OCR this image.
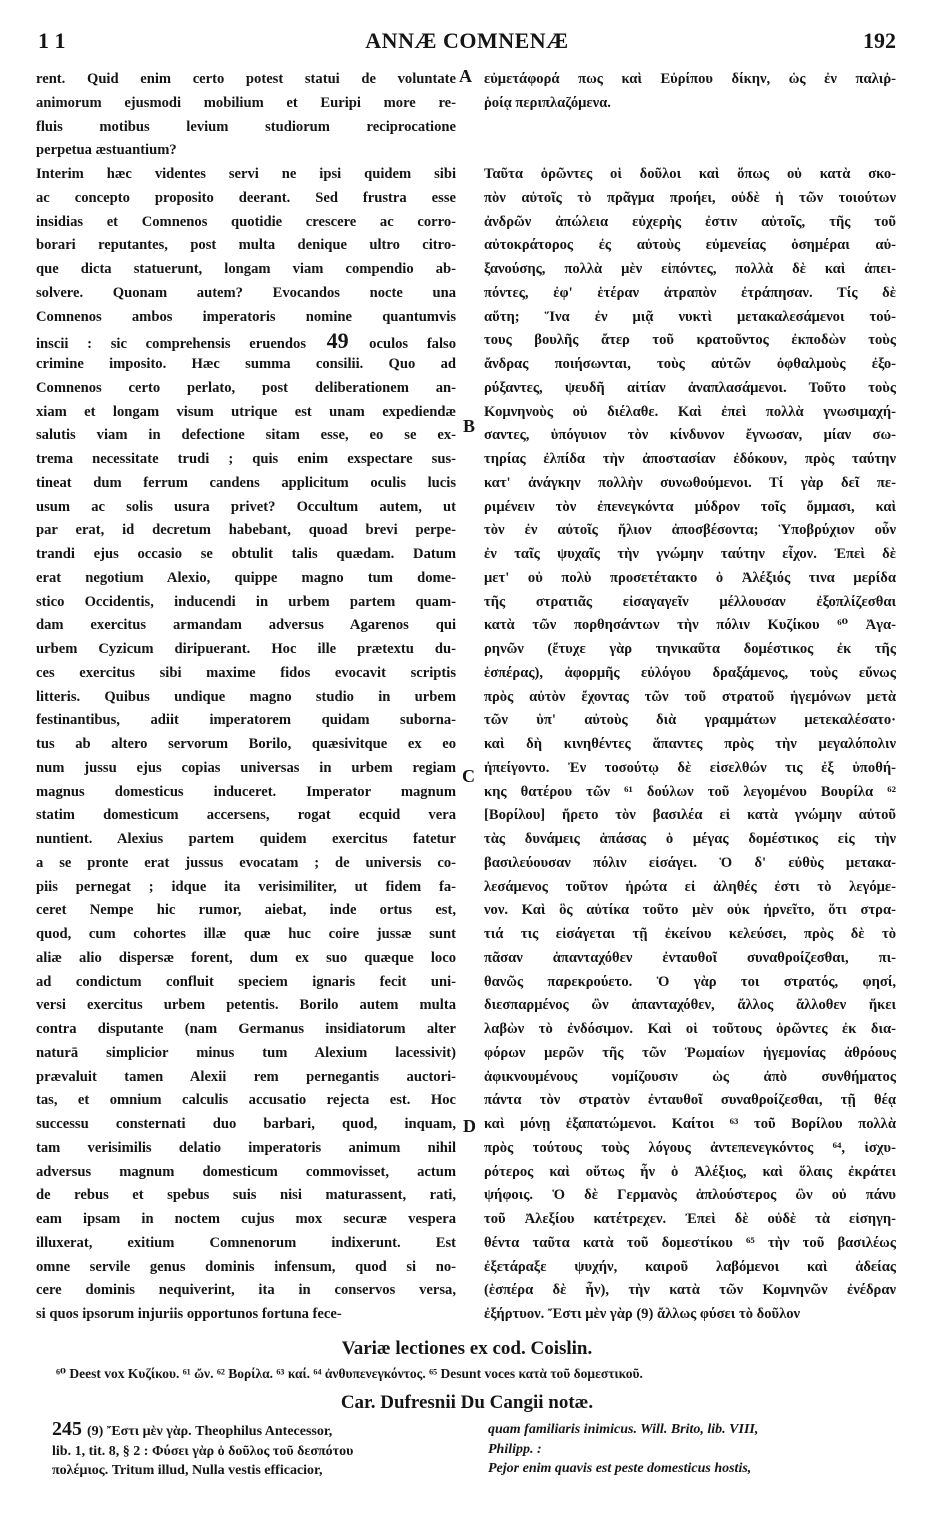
1 1	ANNÆ COMNENÆ	192
rent. Quid enim certo potest statui de voluntate
animorum ejusmodi mobilium et Euripi more re-
fluis motibus levium studiorum reciprocatione
perpetua æstuantium?
Interim hæc videntes servi ne ipsi quidem sibi
ac concepto proposito deerant. Sed frustra esse
insidias et Comnenos quotidie crescere ac corro-
borari reputantes, post multa denique ultro citro-
que dicta statuerunt, longam viam compendio ab-
solvere. Quonam autem? Evocandos nocte una
Comnenos ambos imperatoris nomine quantumvis
inscii : sic comprehensis eruendos 49 oculos falso
crimine imposito. Hæc summa consilii. Quo ad
Comnenos certo perlato, post deliberationem an-
xiam et longam visum utrique est unam expediendæ
salutis viam in defectione sitam esse, eo se ex-
trema necessitate trudi ; quis enim exspectare sus-
tineat dum ferrum candens applicitum oculis lucis
usum ac solis usura privet? Occultum autem, ut
par erat, id decretum habebant, quoad brevi perpe-
trandi ejus occasio se obtulit talis quædam. Datum
erat negotium Alexio, quippe magno tum dome-
stico Occidentis, inducendi in urbem partem quam-
dam exercitus armandam adversus Agarenos qui
urbem Cyzicum diripuerant. Hoc ille prætextu du-
ces exercitus sibi maxime fidos evocavit scriptis
litteris. Quibus undique magno studio in urbem
festinantibus, adiit imperatorem quidam suborna-
tus ab altero servorum Borilo, quæsivitque ex eo
num jussu ejus copias universas in urbem regiam
magnus domesticus induceret. Imperator magnum
statim domesticum accersens, rogat ecquid vera
nuntient. Alexius partem quidem exercitus fatetur
a se pronte erat jussus evocatam ; de universis co-
piis pernegat ; idque ita verisimiliter, ut fidem fa-
ceret Nempe hic rumor, aiebat, inde ortus est,
quod, cum cohortes illæ quæ huc coire jussæ sunt
aliæ alio dispersæ forent, dum ex suo quæque loco
ad condictum confluit speciem ignaris fecit uni-
versi exercitus urbem petentis. Borilo autem multa
contra disputante (nam Germanus insidiatorum alter
naturā simplicior minus tum Alexium lacessivit)
prævaluit tamen Alexii rem pernegantis auctori-
tas, et omnium calculis accusatio rejecta est. Hoc
successu consternati duo barbari, quod, inquam,
tam verisimilis delatio imperatoris animum nihil
adversus magnum domesticum commovisset, actum
de rebus et spebus suis nisi maturassent, rati,
eam ipsam in noctem cujus mox securæ vespera
illuxerat, exitium Comnenorum indixerunt. Est
omne servile genus dominis infensum, quod si no-
cere dominis nequiverint, ita in conservos versa,
si quos ipsorum injuriis opportunos fortuna fece-
εὐμετάφορά πως καὶ Εὐρίπου δίκην, ὡς ἐν παλιῤ-
ῥοίᾳ περιπλαζόμενα.

Ταῦτα ὁρῶντες οἱ δοῦλοι καὶ ὅπως οὐ κατὰ σκο-
πὸν αὐτοῖς τὸ πρᾶγμα προήει, οὐδὲ ἡ τῶν τοιούτων
ἀνδρῶν ἀπώλεια εὐχερὴς ἐστιν αὐτοῖς, τῆς τοῦ
αὐτοκράτορος ἐς αὐτοὺς εὐμενείας ὁσημέραι αὐ-
ξανούσης, πολλὰ μὲν εἰπόντες, πολλὰ δὲ καὶ ἀπει-
πόντες, ἐφ' ἑτέραν ἀτραπὸν ἐτράπησαν. Τίς δὲ
αὕτη; Ἵνα ἐν μιᾷ νυκτὶ μετακαλεσάμενοι τού-
τους βουλῆς ἄτερ τοῦ κρατοῦντος ἐκποδὼν τοὺς
ἄνδρας ποιήσωνται, τοὺς αὐτῶν ὀφθαλμοὺς ἐξο-
ρύξαντες, ψευδῆ αἰτίαν ἀναπλασάμενοι. Τοῦτο τοὺς
Κομνηνοὺς οὐ διέλαθε. Καὶ ἐπεὶ πολλὰ γνωσιμαχή-
σαντες, ὑπόγυιον τὸν κίνδυνον ἔγνωσαν, μίαν σω-
τηρίας ἐλπίδα τὴν ἀποστασίαν ἐδόκουν, πρὸς ταύτην
κατ' ἀνάγκην πολλὴν συνωθούμενοι. Τί γὰρ δεῖ πε-
ριμένειν τὸν ἐπενεγκόντα μύδρον τοῖς ὄμμασι, καὶ
τὸν ἐν αὐτοῖς ἥλιον ἀποσβέσοντα; Ὑποβρύχιον οὖν
ἐν ταῖς ψυχαῖς τὴν γνώμην ταύτην εἶχον. Ἐπεὶ δὲ
μετ' οὐ πολὺ προσετέτακτο ὁ Ἀλέξιός τινα μερίδα
τῆς στρατιᾶς εἰσαγαγεῖν μέλλουσαν ἐξοπλίζεσθαι
κατὰ τῶν πορθησάντων τὴν πόλιν Κυζίκου ⁶⁰ Ἀγα-
ρηνῶν (ἔτυχε γὰρ τηνικαῦτα δομέστικος ἐκ τῆς
ἑσπέρας), ἀφορμῆς εὐλόγου δραξάμενος, τοὺς εὔνως
πρὸς αὐτὸν ἔχοντας τῶν τοῦ στρατοῦ ἡγεμόνων μετὰ
τῶν ὑπ' αὐτοὺς διὰ γραμμάτων μετεκαλέσατο·
καὶ δὴ κινηθέντες ἅπαντες πρὸς τὴν μεγαλόπολιν
ἠπείγοντο. Ἐν τοσούτῳ δὲ εἰσελθών τις ἐξ ὑποθή-
κης θατέρου τῶν ⁶¹ δούλων τοῦ λεγομένου Βουρίλα ⁶²
[Βορίλου] ἤρετο τὸν βασιλέα εἰ κατὰ γνώμην αὐτοῦ
τὰς δυνάμεις ἁπάσας ὁ μέγας δομέστικος εἰς τὴν
βασιλεύουσαν πόλιν εἰσάγει. Ὁ δ' εὐθὺς μετακα-
λεσάμενος τοῦτον ἠρώτα εἰ ἀληθές ἐστι τὸ λεγόμε-
νον. Καὶ ὃς αὐτίκα τοῦτο μὲν οὐκ ἠρνεῖτο, ὅτι στρα-
τιά τις εἰσάγεται τῇ ἐκείνου κελεύσει, πρὸς δὲ τὸ
πᾶσαν ἁπανταχόθεν ἐνταυθοῖ συναθροίζεσθαι, πι-
θανῶς παρεκρούετο. Ὁ γὰρ τοι στρατός, φησί,
διεσπαρμένος ὢν ἁπανταχόθεν, ἄλλος ἄλλοθεν ἥκει
λαβὼν τὸ ἐνδόσιμον. Καὶ οἱ τοῦτους ὁρῶντες ἐκ δια-
φόρων μερῶν τῆς τῶν Ῥωμαίων ἡγεμονίας ἀθρόους
ἀφικνουμένους νομίζουσιν ὡς ἀπὸ συνθήματος
πάντα τὸν στρατὸν ἐνταυθοῖ συναθροίζεσθαι, τῇ θέᾳ
καὶ μόνῃ ἐξαπατώμενοι. Καίτοι ⁶³ τοῦ Βορίλου πολλὰ
πρὸς τούτους τοὺς λόγους ἀντεπενεγκόντος ⁶⁴, ἰσχυ-
ρότερος καὶ οὕτως ἦν ὁ Ἀλέξιος, καὶ ὅλαις ἐκράτει
ψήφοις. Ὁ δὲ Γερμανὸς ἁπλούστερος ὢν οὐ πάνυ
τοῦ Ἀλεξίου κατέτρεχεν. Ἐπεὶ δὲ οὐδὲ τὰ εἰσηγη-
θέντα ταῦτα κατὰ τοῦ δομεστίκου ⁶⁵ τὴν τοῦ βασιλέως
ἐξετάραξε ψυχήν, καιροῦ λαβόμενοι καὶ ἀδείας
(ἑσπέρα δὲ ἦν), τὴν κατὰ τῶν Κομνηνῶν ἐνέδραν
ἐξήρτυον. Ἔστι μὲν γὰρ (9) ἄλλως φύσει τὸ δοῦλον
A
B
C
D
Variæ lectiones ex cod. Coislin.
⁶⁰ Deest vox Κυζίκου. ⁶¹ ὤν. ⁶² Βορίλα. ⁶³ καί. ⁶⁴ ἀνθυπενεγκόντος. ⁶⁵ Desunt voces κατὰ τοῦ δομεστικοῦ.
Car. Dufresnii Du Cangii notæ.
245 (9) Ἔστι μὲν γὰρ. Theophilus Antecessor,
lib. 1, tit. 8, § 2 : Φύσει γὰρ ὁ δοῦλος τοῦ δεσπότου
πολέμιος. Tritum illud, Nulla vestis efficacior,
quam familiaris inimicus. Will. Brito, lib. VIII,
Philipp. :
Pejor enim quavis est peste domesticus hostis,
